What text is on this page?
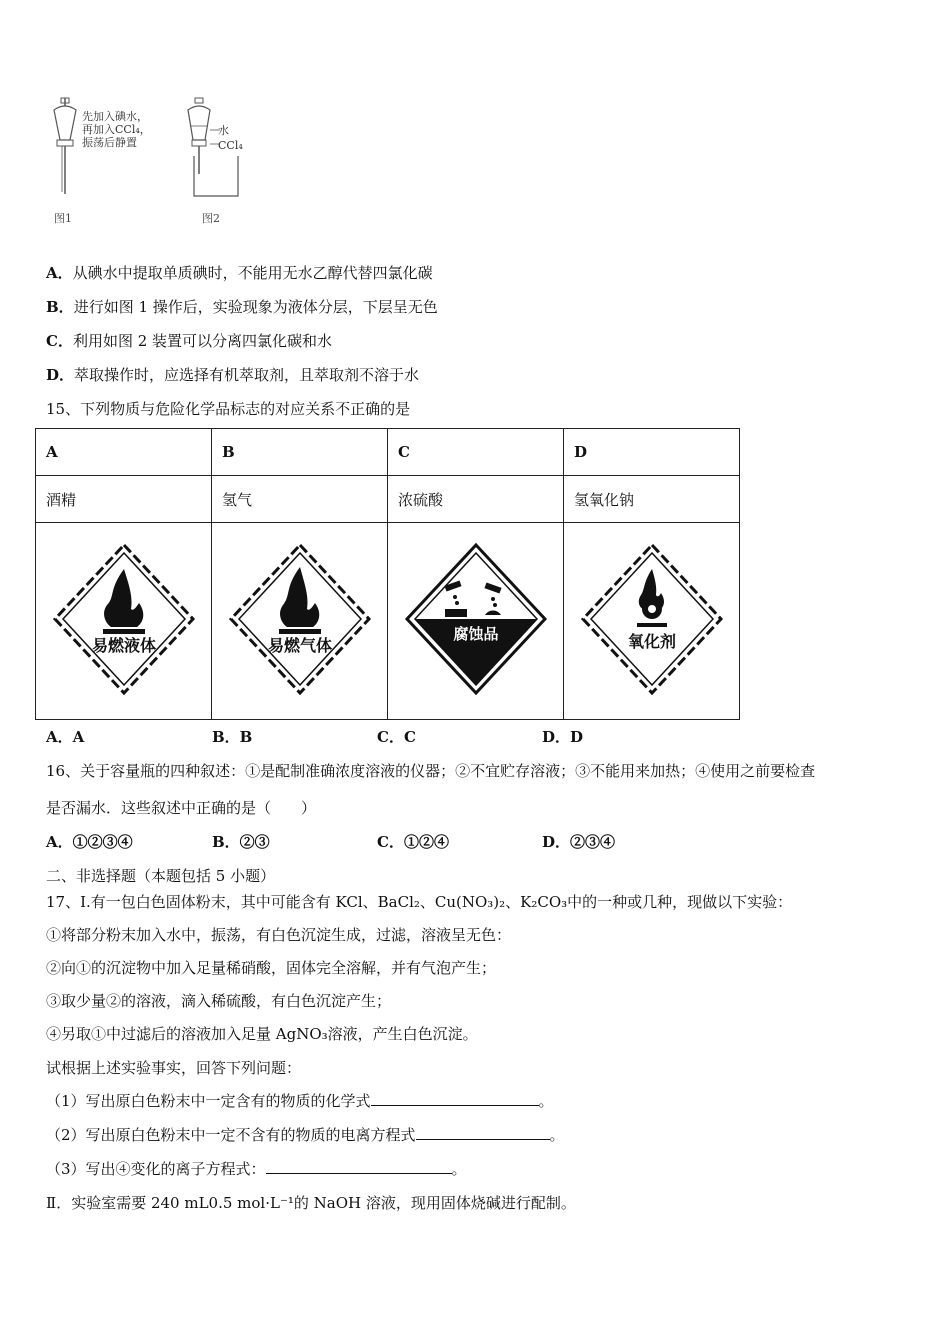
先加入碘水，
再加入CCl₄，
振荡后静置
图1
水
CCl₄
图2
A．从碘水中提取单质碘时，不能用无水乙醇代替四氯化碳
B．进行如图 1 操作后，实验现象为液体分层，下层呈无色
C．利用如图 2 装置可以分离四氯化碳和水
D．萃取操作时，应选择有机萃取剂，且萃取剂不溶于水
15、下列物质与危险化学品标志的对应关系不正确的是
A	B	C	D
酒精	氢气	浓硫酸	氢氧化钠

易燃液体	易燃气体	腐蚀品	氧化剂
A．A	B．B	C．C	D．D
16、关于容量瓶的四种叙述：①是配制准确浓度溶液的仪器；②不宜贮存溶液；③不能用来加热；④使用之前要检查
是否漏水．这些叙述中正确的是（　　）
A．①②③④	B．②③	C．①②④	D．②③④
二、非选择题（本题包括 5 小题）
17、Ⅰ.有一包白色固体粉末，其中可能含有 KCl、BaCl₂、Cu(NO₃)₂、K₂CO₃中的一种或几种，现做以下实验：
①将部分粉末加入水中，振荡，有白色沉淀生成，过滤，溶液呈无色：
②向①的沉淀物中加入足量稀硝酸，固体完全溶解，并有气泡产生；
③取少量②的溶液，滴入稀硫酸，有白色沉淀产生；
④另取①中过滤后的溶液加入足量 AgNO₃溶液，产生白色沉淀。
试根据上述实验事实，回答下列问题：
（1）写出原白色粉末中一定含有的物质的化学式	。
（2）写出原白色粉末中一定不含有的物质的电离方程式	。
（3）写出④变化的离子方程式：	。
Ⅱ．实验室需要 240 mL0.5 mol·L⁻¹的 NaOH 溶液，现用固体烧碱进行配制。
